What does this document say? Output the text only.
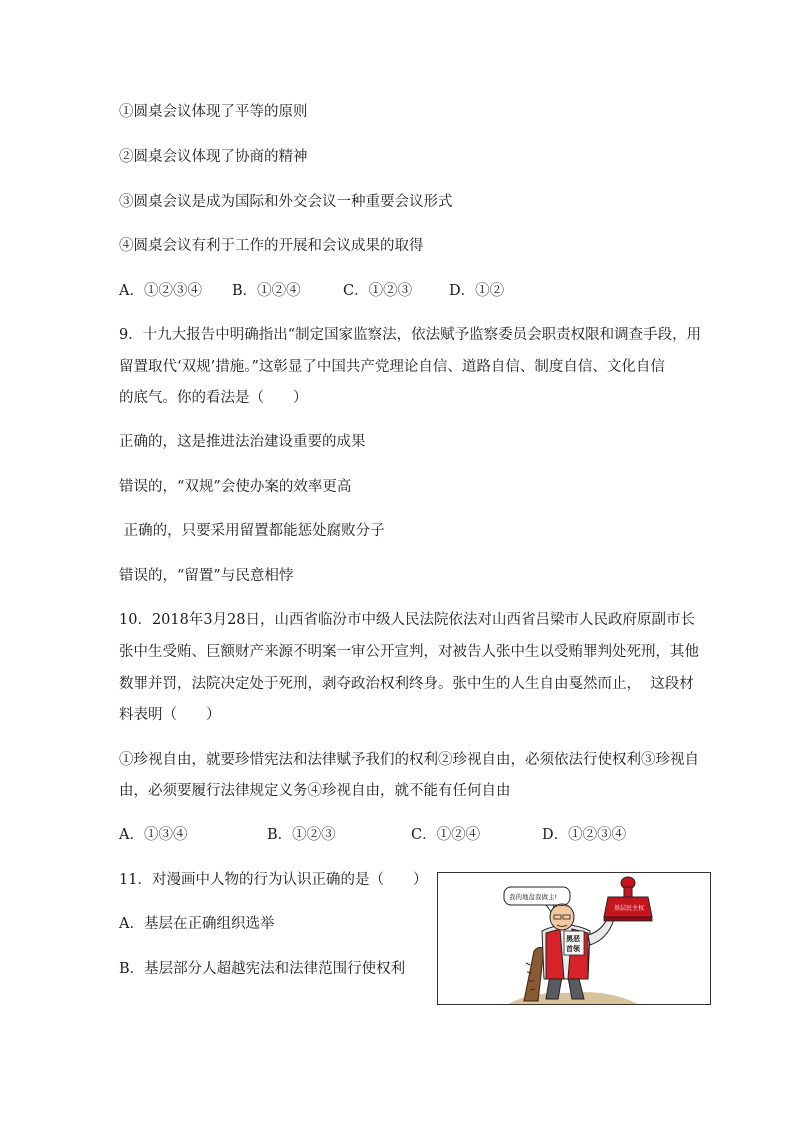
①圆桌会议体现了平等的原则
②圆桌会议体现了协商的精神
③圆桌会议是成为国际和外交会议一种重要会议形式
④圆桌会议有利于工作的开展和会议成果的取得
A．①②③④ B．①②④	C．①②③	D．①②
9．十九大报告中明确指出“制定国家监察法，依法赋予监察委员会职责权限和调查手段，用
留置取代‘双规’措施。”这彰显了中国共产党理论自信、道路自信、制度自信、文化自信
的底气。你的看法是（　　）
正确的，这是推进法治建设重要的成果
错误的，“双规”会使办案的效率更高
正确的，只要采用留置都能惩处腐败分子
错误的，“留置”与民意相悖
10．2018年3月28日，山西省临汾市中级人民法院依法对山西省吕梁市人民政府原副市长
张中生受贿、巨额财产来源不明案一审公开宣判，对被告人张中生以受贿罪判处死刑，其他
数罪并罚，法院决定处于死刑，剥夺政治权利终身。张中生的人生自由戛然而止，  这段材
料表明（　　）
①珍视自由，就要珍惜宪法和法律赋予我们的权利②珍视自由，必须依法行使权利③珍视自
由，必须要履行法律规定义务④珍视自由，就不能有任何自由
A．①③④	B．①②③	C．①②④	D．①②③④
11．对漫画中人物的行为认识正确的是（　　）
A．基层在正确组织选举
B．基层部分人超越宪法和法律范围行使权利
我的地盘我做主!
黑恶
首领
基层民主权
